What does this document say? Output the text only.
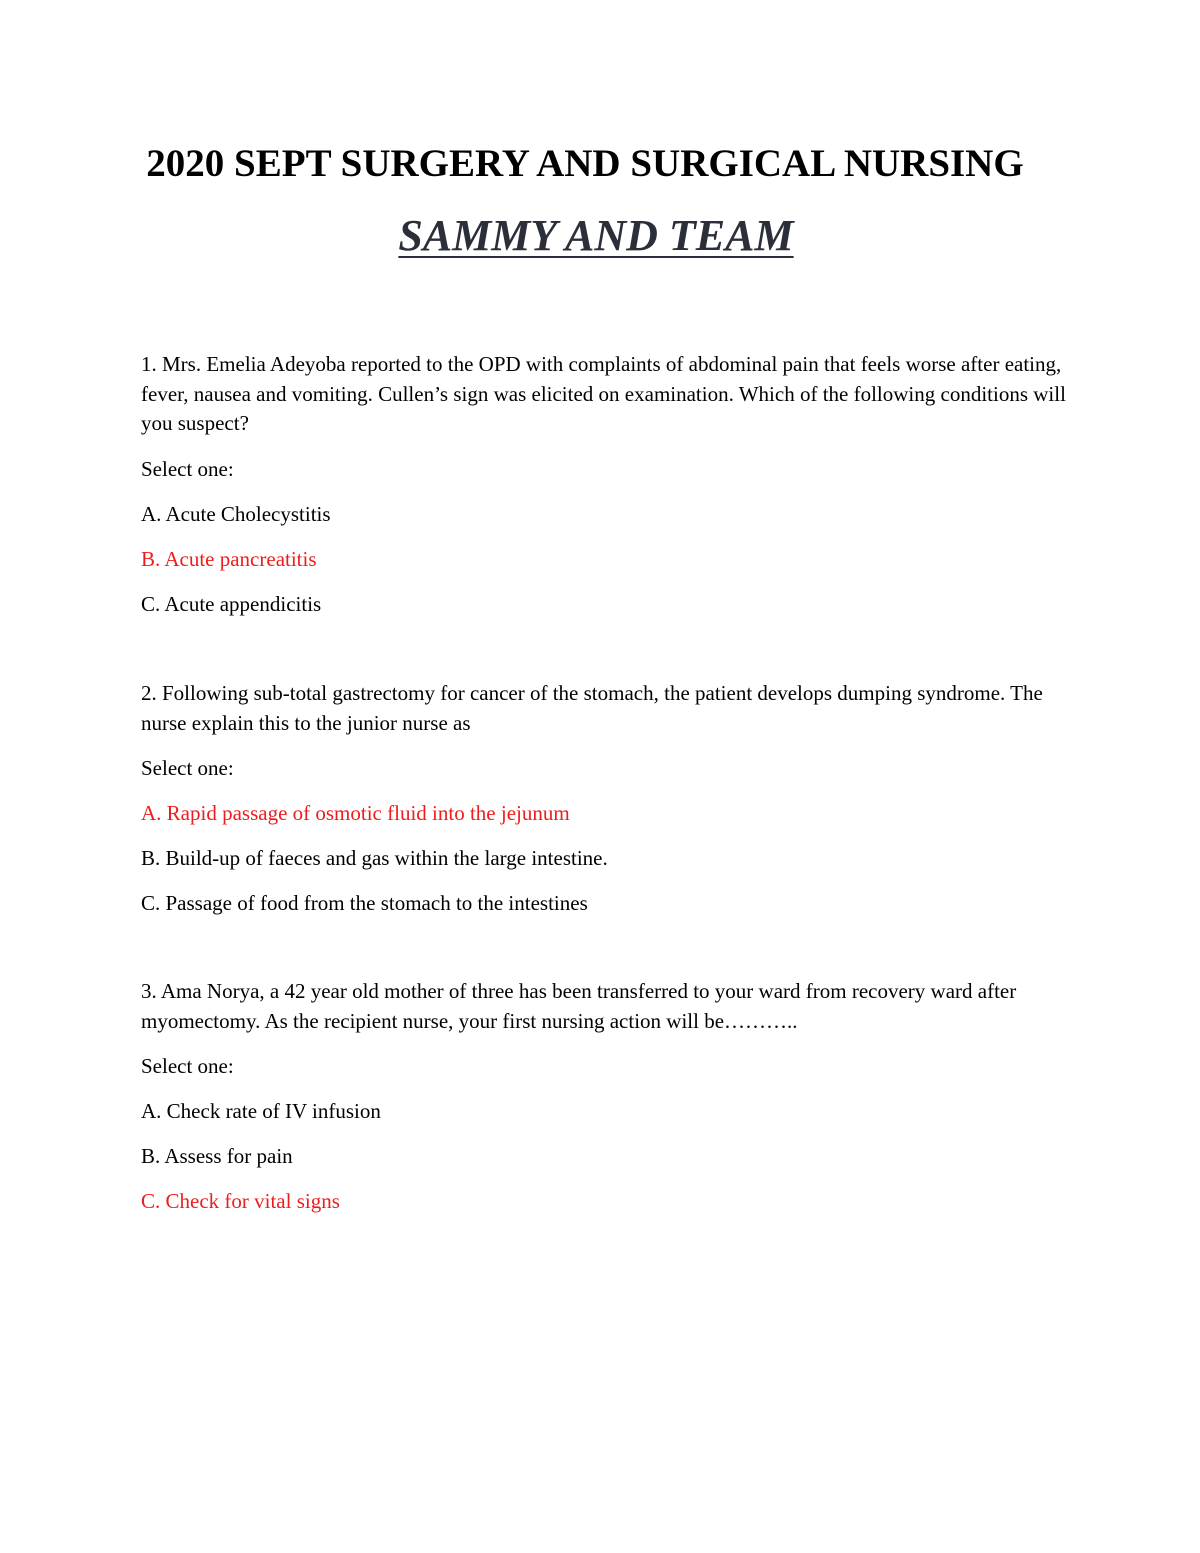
2020 SEPT SURGERY AND SURGICAL NURSING
SAMMY AND TEAM

1. Mrs. Emelia Adeyoba reported to the OPD with complaints of abdominal pain that feels worse after eating, fever, nausea and vomiting. Cullen’s sign was elicited on examination. Which of the following conditions will you suspect?

Select one:

A. Acute Cholecystitis

B. Acute pancreatitis

C. Acute appendicitis

2. Following sub-total gastrectomy for cancer of the stomach, the patient develops dumping syndrome. The nurse explain this to the junior nurse as

Select one:

A. Rapid passage of osmotic fluid into the jejunum

B. Build-up of faeces and gas within the large intestine.

C. Passage of food from the stomach to the intestines

3. Ama Norya, a 42 year old mother of three has been transferred to your ward from recovery ward after myomectomy. As the recipient nurse, your first nursing action will be………..

Select one:

A. Check rate of IV infusion

B. Assess for pain

C. Check for vital signs
